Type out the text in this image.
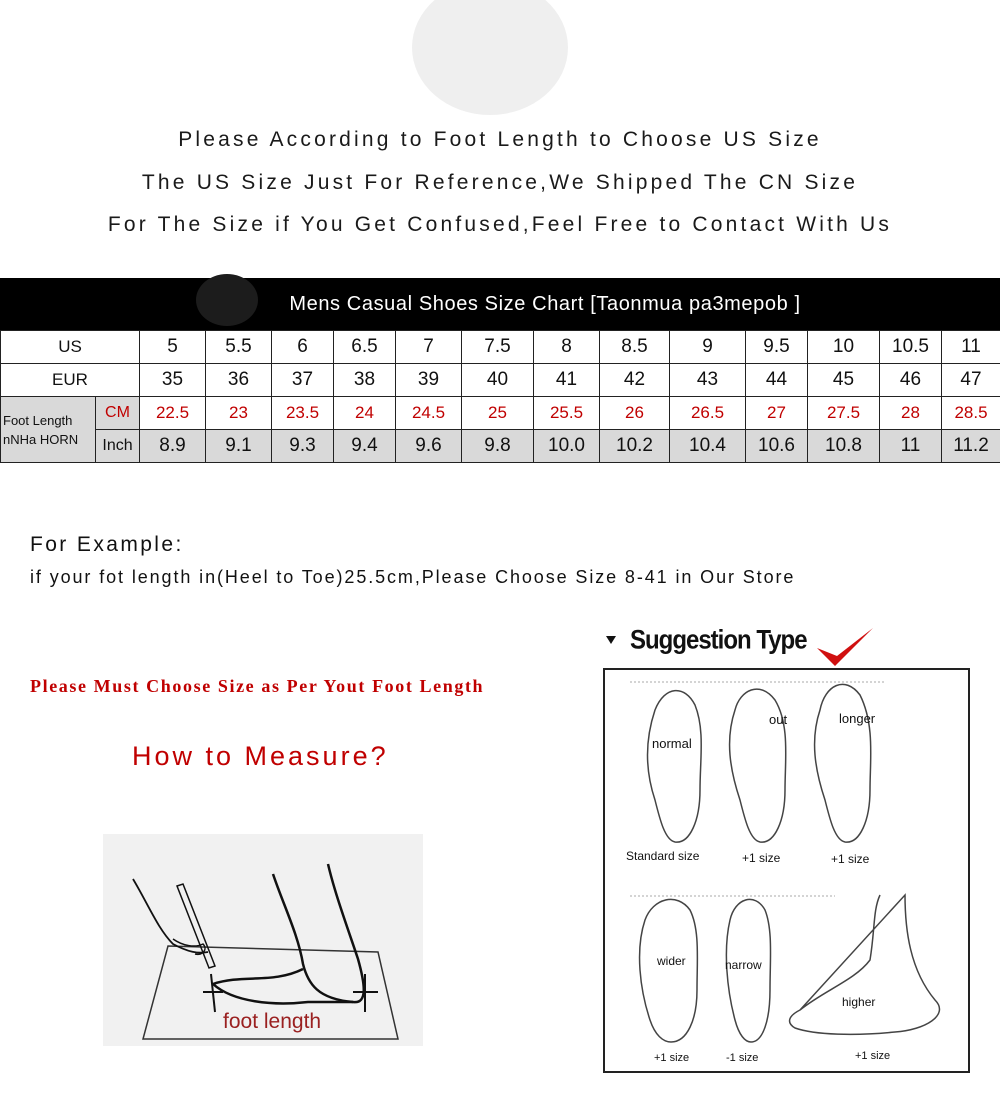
Please According to Foot Length to Choose US Size
The US Size Just For Reference,We Shipped The CN Size
For The Size if You Get Confused,Feel Free to Contact With Us
Mens Casual Shoes Size Chart [Taonmua pa3mepob ]
US		5	5.5	6	6.5	7	7.5	8	8.5	9	9.5	10	10.5	11
EUR		35	36	37	38	39	40	41	42	43	44	45	46	47
Foot Length nNHa HORN	CM	22.5	23	23.5	24	24.5	25	25.5	26	26.5	27	27.5	28	28.5
	Inch	8.9	9.1	9.3	9.4	9.6	9.8	10.0	10.2	10.4	10.6	10.8	11	11.2
For Example:
if your fot length in(Heel to Toe)25.5cm,Please Choose Size 8-41 in Our Store
Please Must Choose Size as Per Yout Foot Length
How to Measure?
foot length
Suggestion Type
normal
out	longer
Standard size	+1 size	+1 size
wider	narrow
higher
+1 size	-1 size	+1 size
